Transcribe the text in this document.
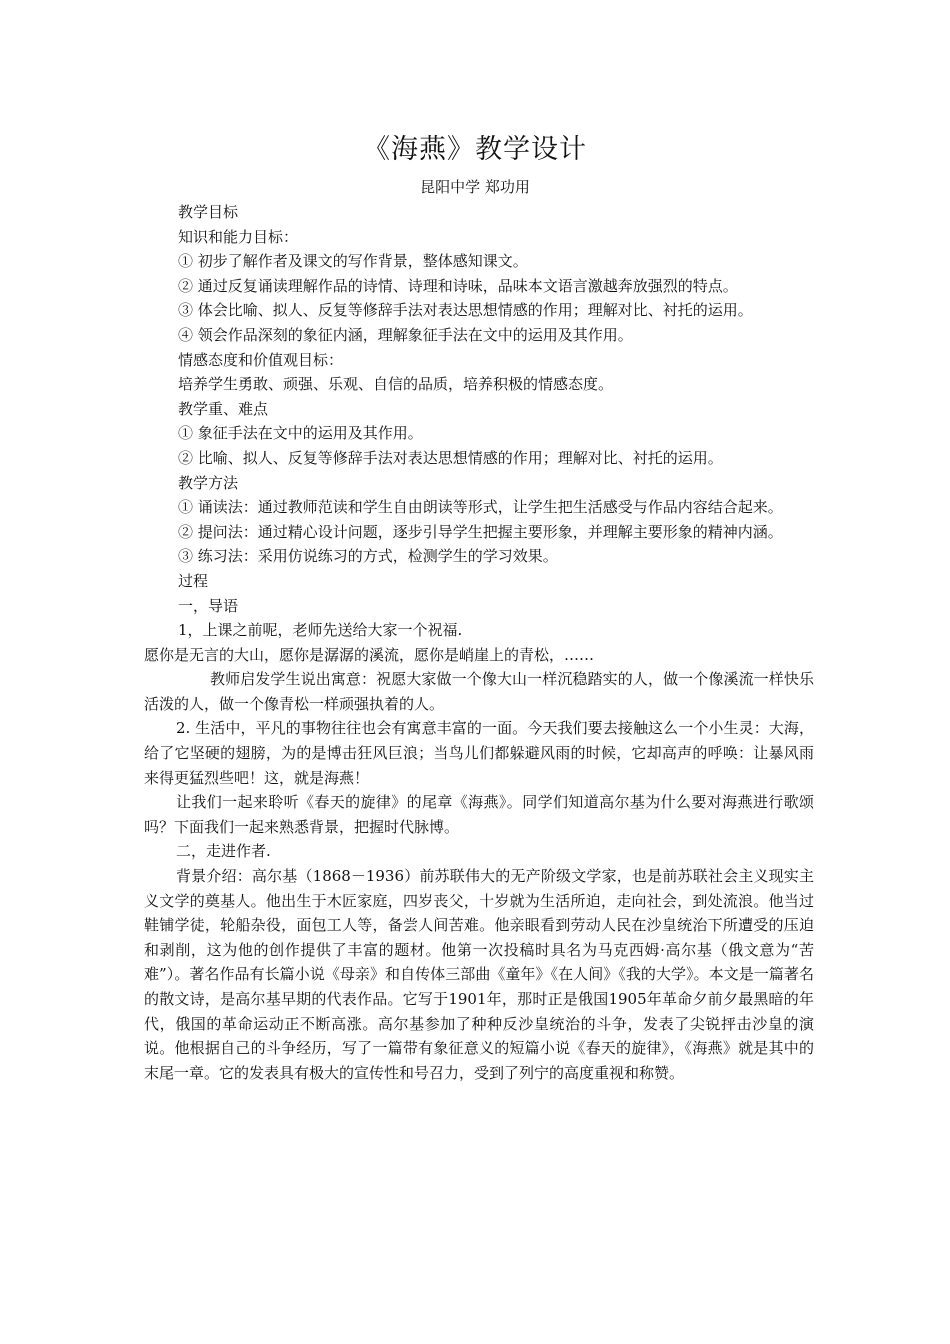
《海燕》教学设计
昆阳中学 郑功用

教学目标

知识和能力目标：

① 初步了解作者及课文的写作背景，整体感知课文。

② 通过反复诵读理解作品的诗情、诗理和诗味，品味本文语言激越奔放强烈的特点。

③ 体会比喻、拟人、反复等修辞手法对表达思想情感的作用；理解对比、衬托的运用。

④ 领会作品深刻的象征内涵，理解象征手法在文中的运用及其作用。

情感态度和价值观目标：

培养学生勇敢、顽强、乐观、自信的品质，培养积极的情感态度。

教学重、难点

① 象征手法在文中的运用及其作用。

② 比喻、拟人、反复等修辞手法对表达思想情感的作用；理解对比、衬托的运用。

教学方法

① 诵读法：通过教师范读和学生自由朗读等形式，让学生把生活感受与作品内容结合起来。

② 提问法：通过精心设计问题，逐步引导学生把握主要形象，并理解主要形象的精神内涵。

③ 练习法：采用仿说练习的方式，检测学生的学习效果。

过程

一，导语

1，上课之前呢，老师先送给大家一个祝福.

愿你是无言的大山，愿你是潺潺的溪流，愿你是峭崖上的青松，……

教师启发学生说出寓意：祝愿大家做一个像大山一样沉稳踏实的人，做一个像溪流一样快乐活泼的人，做一个像青松一样顽强执着的人。

2. 生活中，平凡的事物往往也会有寓意丰富的一面。今天我们要去接触这么一个小生灵：大海，给了它坚硬的翅膀，为的是博击狂风巨浪；当鸟儿们都躲避风雨的时候，它却高声的呼唤：让暴风雨来得更猛烈些吧！这，就是海燕！

让我们一起来聆听《春天的旋律》的尾章《海燕》。同学们知道高尔基为什么要对海燕进行歌颂吗？下面我们一起来熟悉背景，把握时代脉博。

二，走进作者.

背景介绍：高尔基（1868－1936）前苏联伟大的无产阶级文学家，也是前苏联社会主义现实主义文学的奠基人。他出生于木匠家庭，四岁丧父，十岁就为生活所迫，走向社会，到处流浪。他当过鞋铺学徒，轮船杂役，面包工人等，备尝人间苦难。他亲眼看到劳动人民在沙皇统治下所遭受的压迫和剥削，这为他的创作提供了丰富的题材。他第一次投稿时具名为马克西姆·高尔基（俄文意为“苦难”）。著名作品有长篇小说《母亲》和自传体三部曲《童年》《在人间》《我的大学》。本文是一篇著名的散文诗，是高尔基早期的代表作品。它写于1901年，那时正是俄国1905年革命夕前夕最黑暗的年代，俄国的革命运动正不断高涨。高尔基参加了种种反沙皇统治的斗争，发表了尖锐抨击沙皇的演说。他根据自己的斗争经历，写了一篇带有象征意义的短篇小说《春天的旋律》，《海燕》就是其中的末尾一章。它的发表具有极大的宣传性和号召力，受到了列宁的高度重视和称赞。
